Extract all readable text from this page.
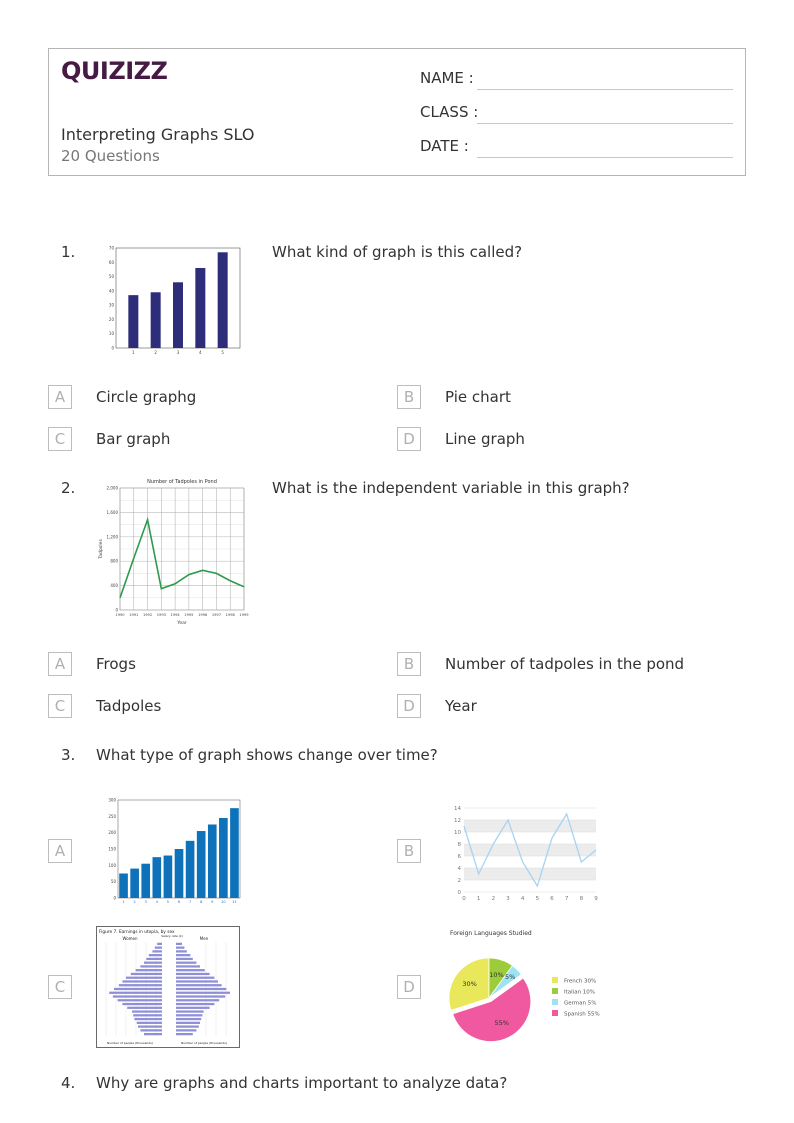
QUIZIZZ
Interpreting Graphs SLO
20 Questions
NAME :
CLASS :
DATE :
1.
0
10
20
30
40
50
60
70
1	2	3	4	5
What kind of graph is this called?
A	Circle graphg	B	Pie chart
C	Bar graph	D	Line graph
2.	Number of Tadpoles in Pond
1990 1991 1992 1993 1994 1995 1996 1997 1998 1999
0
400
800
1,200
1,600
2,000
Year
Tadpoles
What is the independent variable in this graph?
A	Frogs	B	Number of tadpoles in the pond
C	Tadpoles	D	Year
3. What type of graph shows change over time?
A
0
50
100
150
200
250
300
1	2	3	4	5	6	7	8	9 10 11
B
0
2
4
6
8
10
12
14
0 1 2 3 4 5 6 7 8 9
C
Figure 7. Earnings in utopia, by sex
Women	Men
Salary rate (k)
Number of people (thousands)	Number of people (thousands)
D
Foreign Languages Studied
30%
10% 5%
55%
French 30%
Italian 10%
German 5%
Spanish 55%
4. Why are graphs and charts important to analyze data?
